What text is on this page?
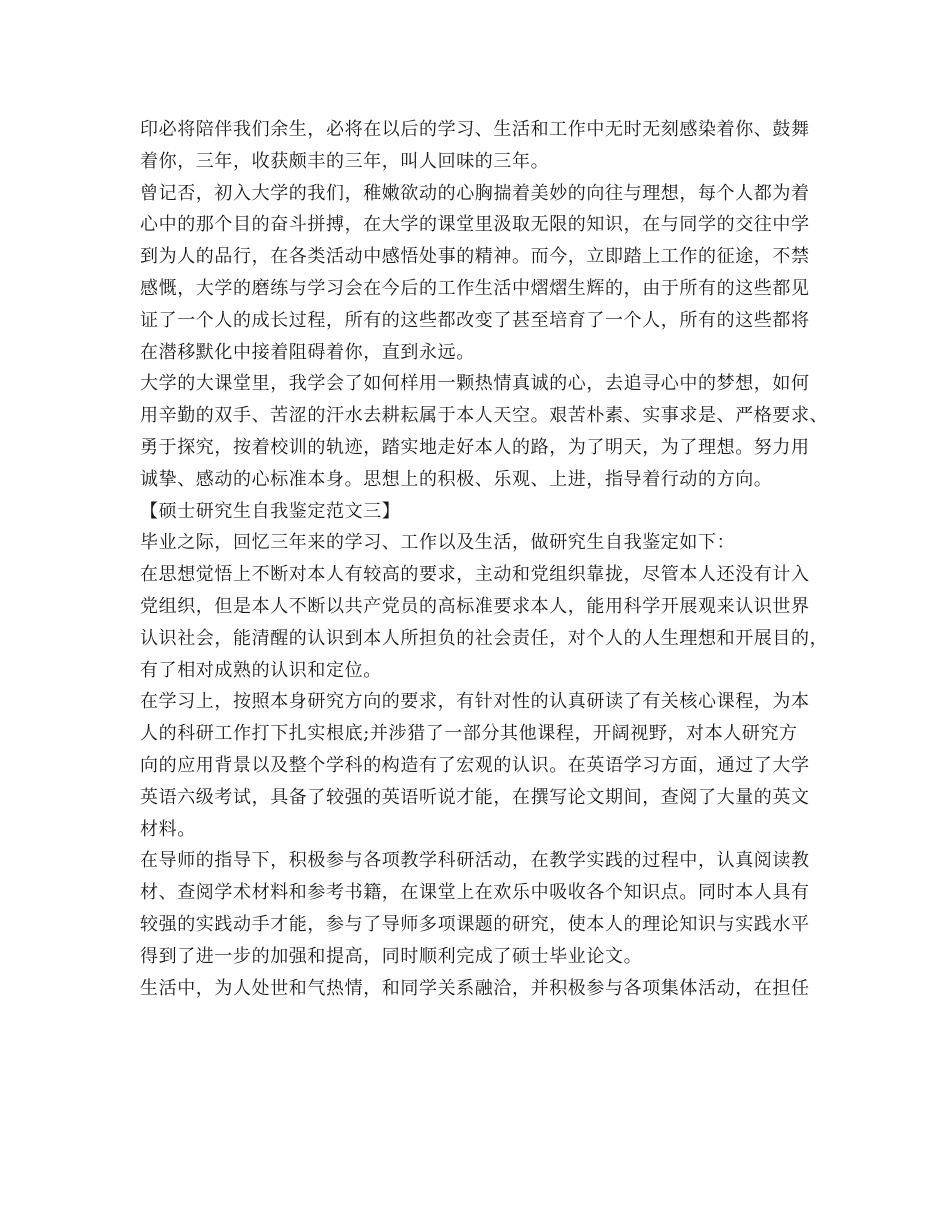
印必将陪伴我们余生，必将在以后的学习、生活和工作中无时无刻感染着你、鼓舞
着你，三年，收获颇丰的三年，叫人回味的三年。
曾记否，初入大学的我们，稚嫩欲动的心胸揣着美妙的向往与理想，每个人都为着
心中的那个目的奋斗拼搏，在大学的课堂里汲取无限的知识，在与同学的交往中学
到为人的品行，在各类活动中感悟处事的精神。而今，立即踏上工作的征途，不禁
感慨，大学的磨练与学习会在今后的工作生活中熠熠生辉的，由于所有的这些都见
证了一个人的成长过程，所有的这些都改变了甚至培育了一个人，所有的这些都将
在潜移默化中接着阻碍着你，直到永远。
大学的大课堂里，我学会了如何样用一颗热情真诚的心，去追寻心中的梦想，如何
用辛勤的双手、苦涩的汗水去耕耘属于本人天空。艰苦朴素、实事求是、严格要求、
勇于探究，按着校训的轨迹，踏实地走好本人的路，为了明天，为了理想。努力用
诚挚、感动的心标准本身。思想上的积极、乐观、上进，指导着行动的方向。
【硕士研究生自我鉴定范文三】
毕业之际，回忆三年来的学习、工作以及生活，做研究生自我鉴定如下：
在思想觉悟上不断对本人有较高的要求，主动和党组织靠拢，尽管本人还没有计入
党组织，但是本人不断以共产党员的高标准要求本人，能用科学开展观来认识世界
认识社会，能清醒的认识到本人所担负的社会责任，对个人的人生理想和开展目的，
有了相对成熟的认识和定位。
在学习上，按照本身研究方向的要求，有针对性的认真研读了有关核心课程，为本
人的科研工作打下扎实根底;并涉猎了一部分其他课程，开阔视野，对本人研究方
向的应用背景以及整个学科的构造有了宏观的认识。在英语学习方面，通过了大学
英语六级考试，具备了较强的英语听说才能，在撰写论文期间，查阅了大量的英文
材料。
在导师的指导下，积极参与各项教学科研活动，在教学实践的过程中，认真阅读教
材、查阅学术材料和参考书籍，在课堂上在欢乐中吸收各个知识点。同时本人具有
较强的实践动手才能，参与了导师多项课题的研究，使本人的理论知识与实践水平
得到了进一步的加强和提高，同时顺利完成了硕士毕业论文。
生活中，为人处世和气热情，和同学关系融洽，并积极参与各项集体活动，在担任
